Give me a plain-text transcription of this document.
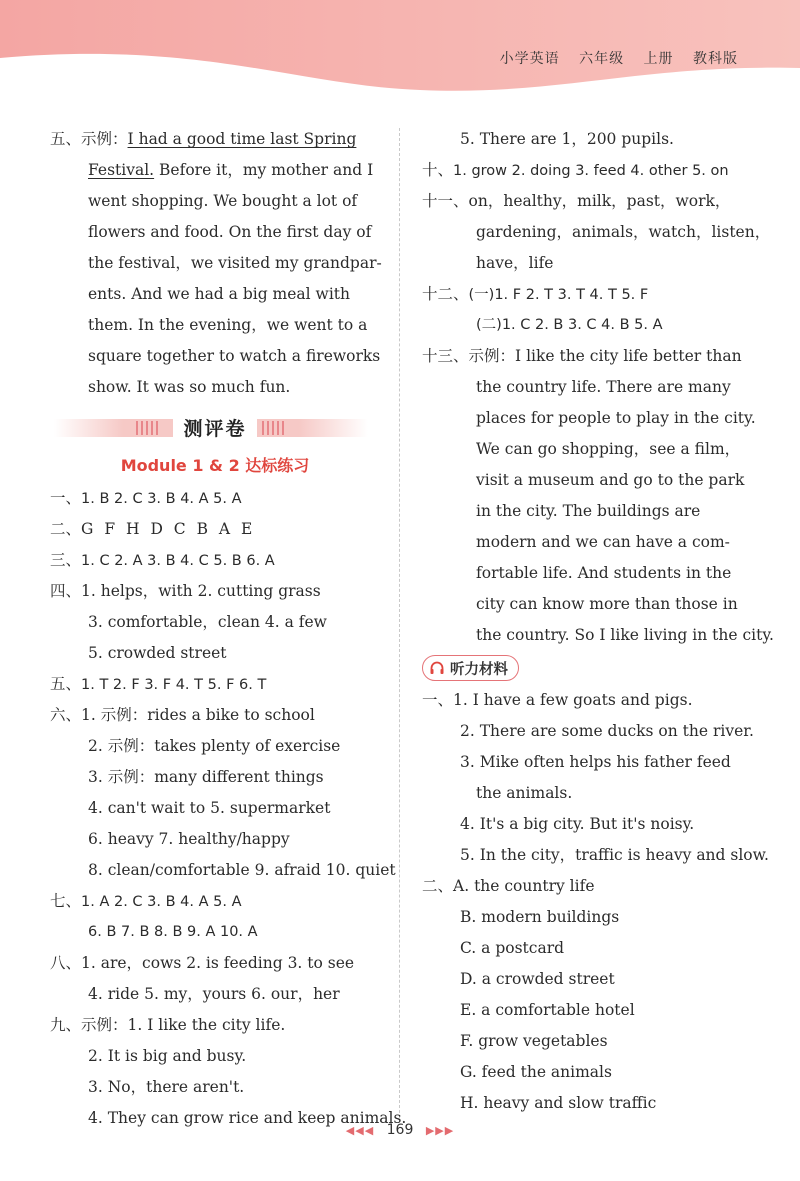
小学英语 六年级 上册 教科版
五、示例：I had a good time last Spring
Festival. Before it，my mother and I
went shopping. We bought a lot of
flowers and food. On the first day of
the festival，we visited my grandpar-
ents. And we had a big meal with
them. In the evening，we went to a
square together to watch a fireworks
show. It was so much fun.
测评卷
Module 1 & 2 达标练习
一、1. B 2. C 3. B 4. A 5. A
二、G F H D C B A E
三、1. C 2. A 3. B 4. C 5. B 6. A
四、1. helps，with 2. cutting grass
3. comfortable，clean 4. a few
5. crowded street
五、1. T 2. F 3. F 4. T 5. F 6. T
六、1. 示例：rides a bike to school
2. 示例：takes plenty of exercise
3. 示例：many different things
4. can't wait to 5. supermarket
6. heavy 7. healthy/happy
8. clean/comfortable 9. afraid 10. quiet
七、1. A 2. C 3. B 4. A 5. A
6. B 7. B 8. B 9. A 10. A
八、1. are，cows 2. is feeding 3. to see
4. ride 5. my，yours 6. our，her
九、示例：1. I like the city life.
2. It is big and busy.
3. No，there aren't.
4. They can grow rice and keep animals.
5. There are 1，200 pupils.
十、1. grow 2. doing 3. feed 4. other 5. on
十一、on，healthy，milk，past，work，
gardening，animals，watch，listen，
have，life
十二、(一)1. F 2. T 3. T 4. T 5. F
(二)1. C 2. B 3. C 4. B 5. A
十三、示例：I like the city life better than
the country life. There are many
places for people to play in the city.
We can go shopping，see a film，
visit a museum and go to the park
in the city. The buildings are
modern and we can have a com-
fortable life. And students in the
city can know more than those in
the country. So I like living in the city.
听力材料
一、1. I have a few goats and pigs.
2. There are some ducks on the river.
3. Mike often helps his father feed
the animals.
4. It's a big city. But it's noisy.
5. In the city，traffic is heavy and slow.
二、A. the country life
B. modern buildings
C. a postcard
D. a crowded street
E. a comfortable hotel
F. grow vegetables
G. feed the animals
H. heavy and slow traffic
◀◀◀ 169 ▶▶▶
